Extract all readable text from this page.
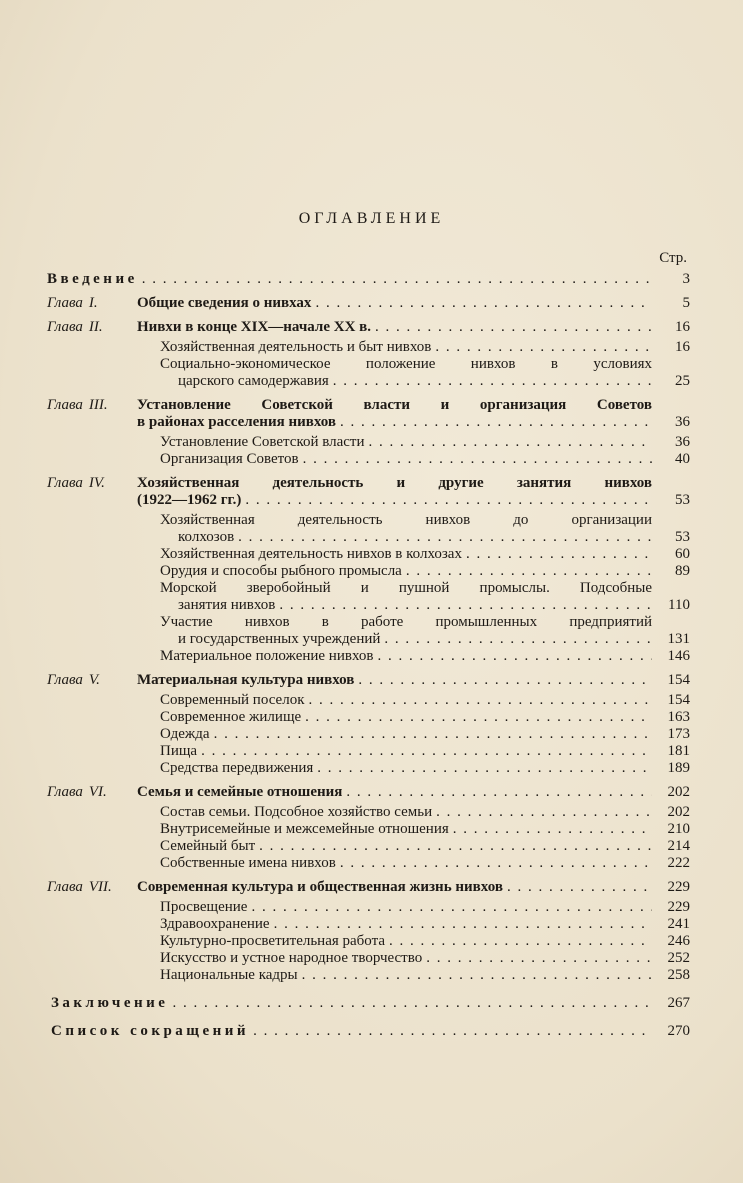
ОГЛАВЛЕНИЕ
Стр.
Введение . . .	3
Глава I.	Общие сведения о нивхах . . .	5
Глава II.	Нивхи в конце XIX—начале XX в. . . .	16
Хозяйственная деятельность и быт нивхов . . .	16
Социально-экономическое положение нивхов в условиях
царского самодержавия . . .	25
Глава III.	Установление Советской власти и организация Советов
в районах расселения нивхов . . .	36
Установление Советской власти . . .	36
Организация Советов . . .	40
Глава IV.	Хозяйственная деятельность и другие занятия нивхов
(1922—1962 гг.) . . .	53
Хозяйственная деятельность нивхов до организации
колхозов . . .	53
Хозяйственная деятельность нивхов в колхозах . . .	60
Орудия и способы рыбного промысла . . .	89
Морской зверобойный и пушной промыслы. Подсобные
занятия нивхов . . .	110
Участие нивхов в работе промышленных предприятий
и государственных учреждений . . .	131
Материальное положение нивхов . . .	146
Глава V.	Материальная культура нивхов . . .	154
Современный поселок . . .	154
Современное жилище . . .	163
Одежда . . .	173
Пища . . .	181
Средства передвижения . . .	189
Глава VI.	Семья и семейные отношения . . .	202
Состав семьи. Подсобное хозяйство семьи . . .	202
Внутрисемейные и межсемейные отношения . . .	210
Семейный быт . . .	214
Собственные имена нивхов . . .	222
Глава VII.	Современная культура и общественная жизнь нивхов . . .	229
Просвещение . . .	229
Здравоохранение . . .	241
Культурно-просветительная работа . . .	246
Искусство и устное народное творчество . . .	252
Национальные кадры . . .	258
Заключение . . .	267
Список сокращений . . .	270
